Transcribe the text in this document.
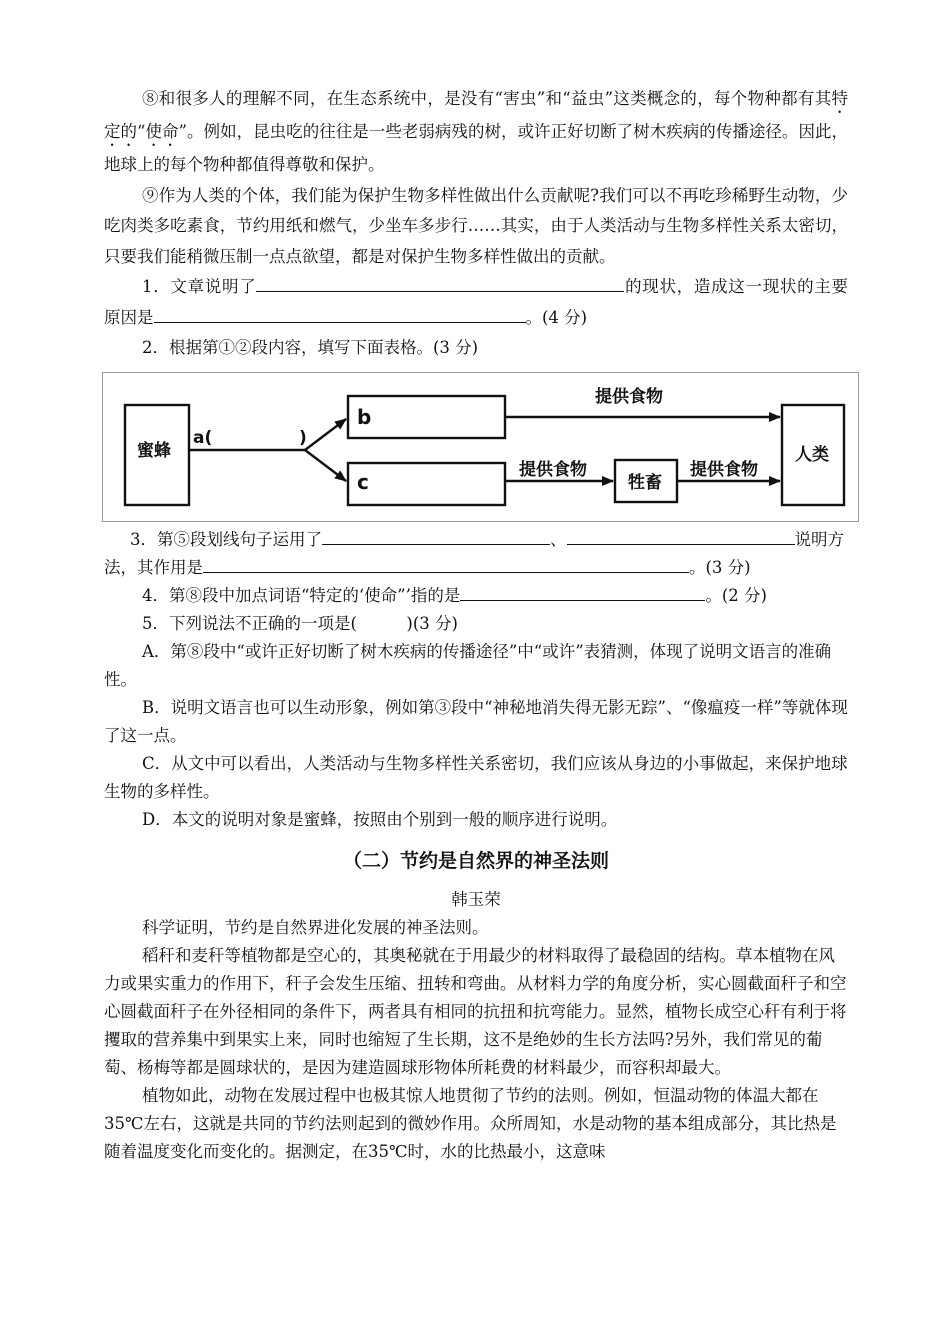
⑧和很多人的理解不同，在生态系统中，是没有“害虫”和“益虫”这类概念的，每个物种都有其特定的“使命”。例如，昆虫吃的往往是一些老弱病残的树，或许正好切断了树木疾病的传播途径。因此，地球上的每个物种都值得尊敬和保护。

⑨作为人类的个体，我们能为保护生物多样性做出什么贡献呢?我们可以不再吃珍稀野生动物，少吃肉类多吃素食，节约用纸和燃气，少坐车多步行……其实，由于人类活动与生物多样性关系太密切，只要我们能稍微压制一点点欲望，都是对保护生物多样性做出的贡献。

1．文章说明了	的现状，造成这一现状的主要原因是	。(4 分)

2．根据第①②段内容，填写下面表格。(3 分)

蜜蜂
a(	)
b
c
提供食物
提供食物	提供食物
牲畜
人类

3．第⑤段划线句子运用了	、	说明方法，其作用是	。(3 分)

4．第⑧段中加点词语“特定的‘使命”’指的是	。(2 分)

5．下列说法不正确的一项是(　　　)(3 分)

A．第⑧段中“或许正好切断了树木疾病的传播途径”中“或许”表猜测，体现了说明文语言的准确性。

B．说明文语言也可以生动形象，例如第③段中“神秘地消失得无影无踪”、“像瘟疫一样”等就体现了这一点。

C．从文中可以看出，人类活动与生物多样性关系密切，我们应该从身边的小事做起，来保护地球生物的多样性。

D．本文的说明对象是蜜蜂，按照由个别到一般的顺序进行说明。

（二）节约是自然界的神圣法则

韩玉荣

科学证明，节约是自然界进化发展的神圣法则。

稻秆和麦秆等植物都是空心的，其奥秘就在于用最少的材料取得了最稳固的结构。草本植物在风力或果实重力的作用下，秆子会发生压缩、扭转和弯曲。从材料力学的角度分析，实心圆截面秆子和空心圆截面秆子在外径相同的条件下，两者具有相同的抗扭和抗弯能力。显然，植物长成空心秆有利于将攫取的营养集中到果实上来，同时也缩短了生长期，这不是绝妙的生长方法吗?另外，我们常见的葡萄、杨梅等都是圆球状的，是因为建造圆球形物体所耗费的材料最少，而容积却最大。

植物如此，动物在发展过程中也极其惊人地贯彻了节约的法则。例如，恒温动物的体温大都在 35℃左右，这就是共同的节约法则起到的微妙作用。众所周知，水是动物的基本组成部分，其比热是随着温度变化而变化的。据测定，在35℃时，水的比热最小，这意味
